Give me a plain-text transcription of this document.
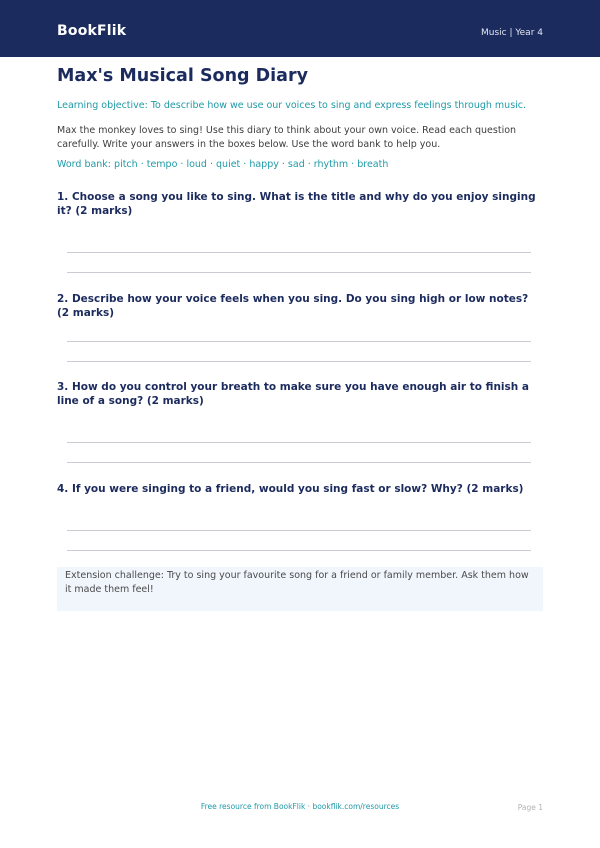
BookFlik	Music | Year 4
Max's Musical Song Diary
Learning objective: To describe how we use our voices to sing and express feelings through music.
Max the monkey loves to sing! Use this diary to think about your own voice. Read each question carefully. Write your answers in the boxes below. Use the word bank to help you.
Word bank: pitch · tempo · loud · quiet · happy · sad · rhythm · breath
1. Choose a song you like to sing. What is the title and why do you enjoy singing it? (2 marks)
2. Describe how your voice feels when you sing. Do you sing high or low notes? (2 marks)
3. How do you control your breath to make sure you have enough air to finish a line of a song? (2 marks)
4. If you were singing to a friend, would you sing fast or slow? Why? (2 marks)
Extension challenge: Try to sing your favourite song for a friend or family member. Ask them how it made them feel!
Free resource from BookFlik · bookflik.com/resources	Page 1
